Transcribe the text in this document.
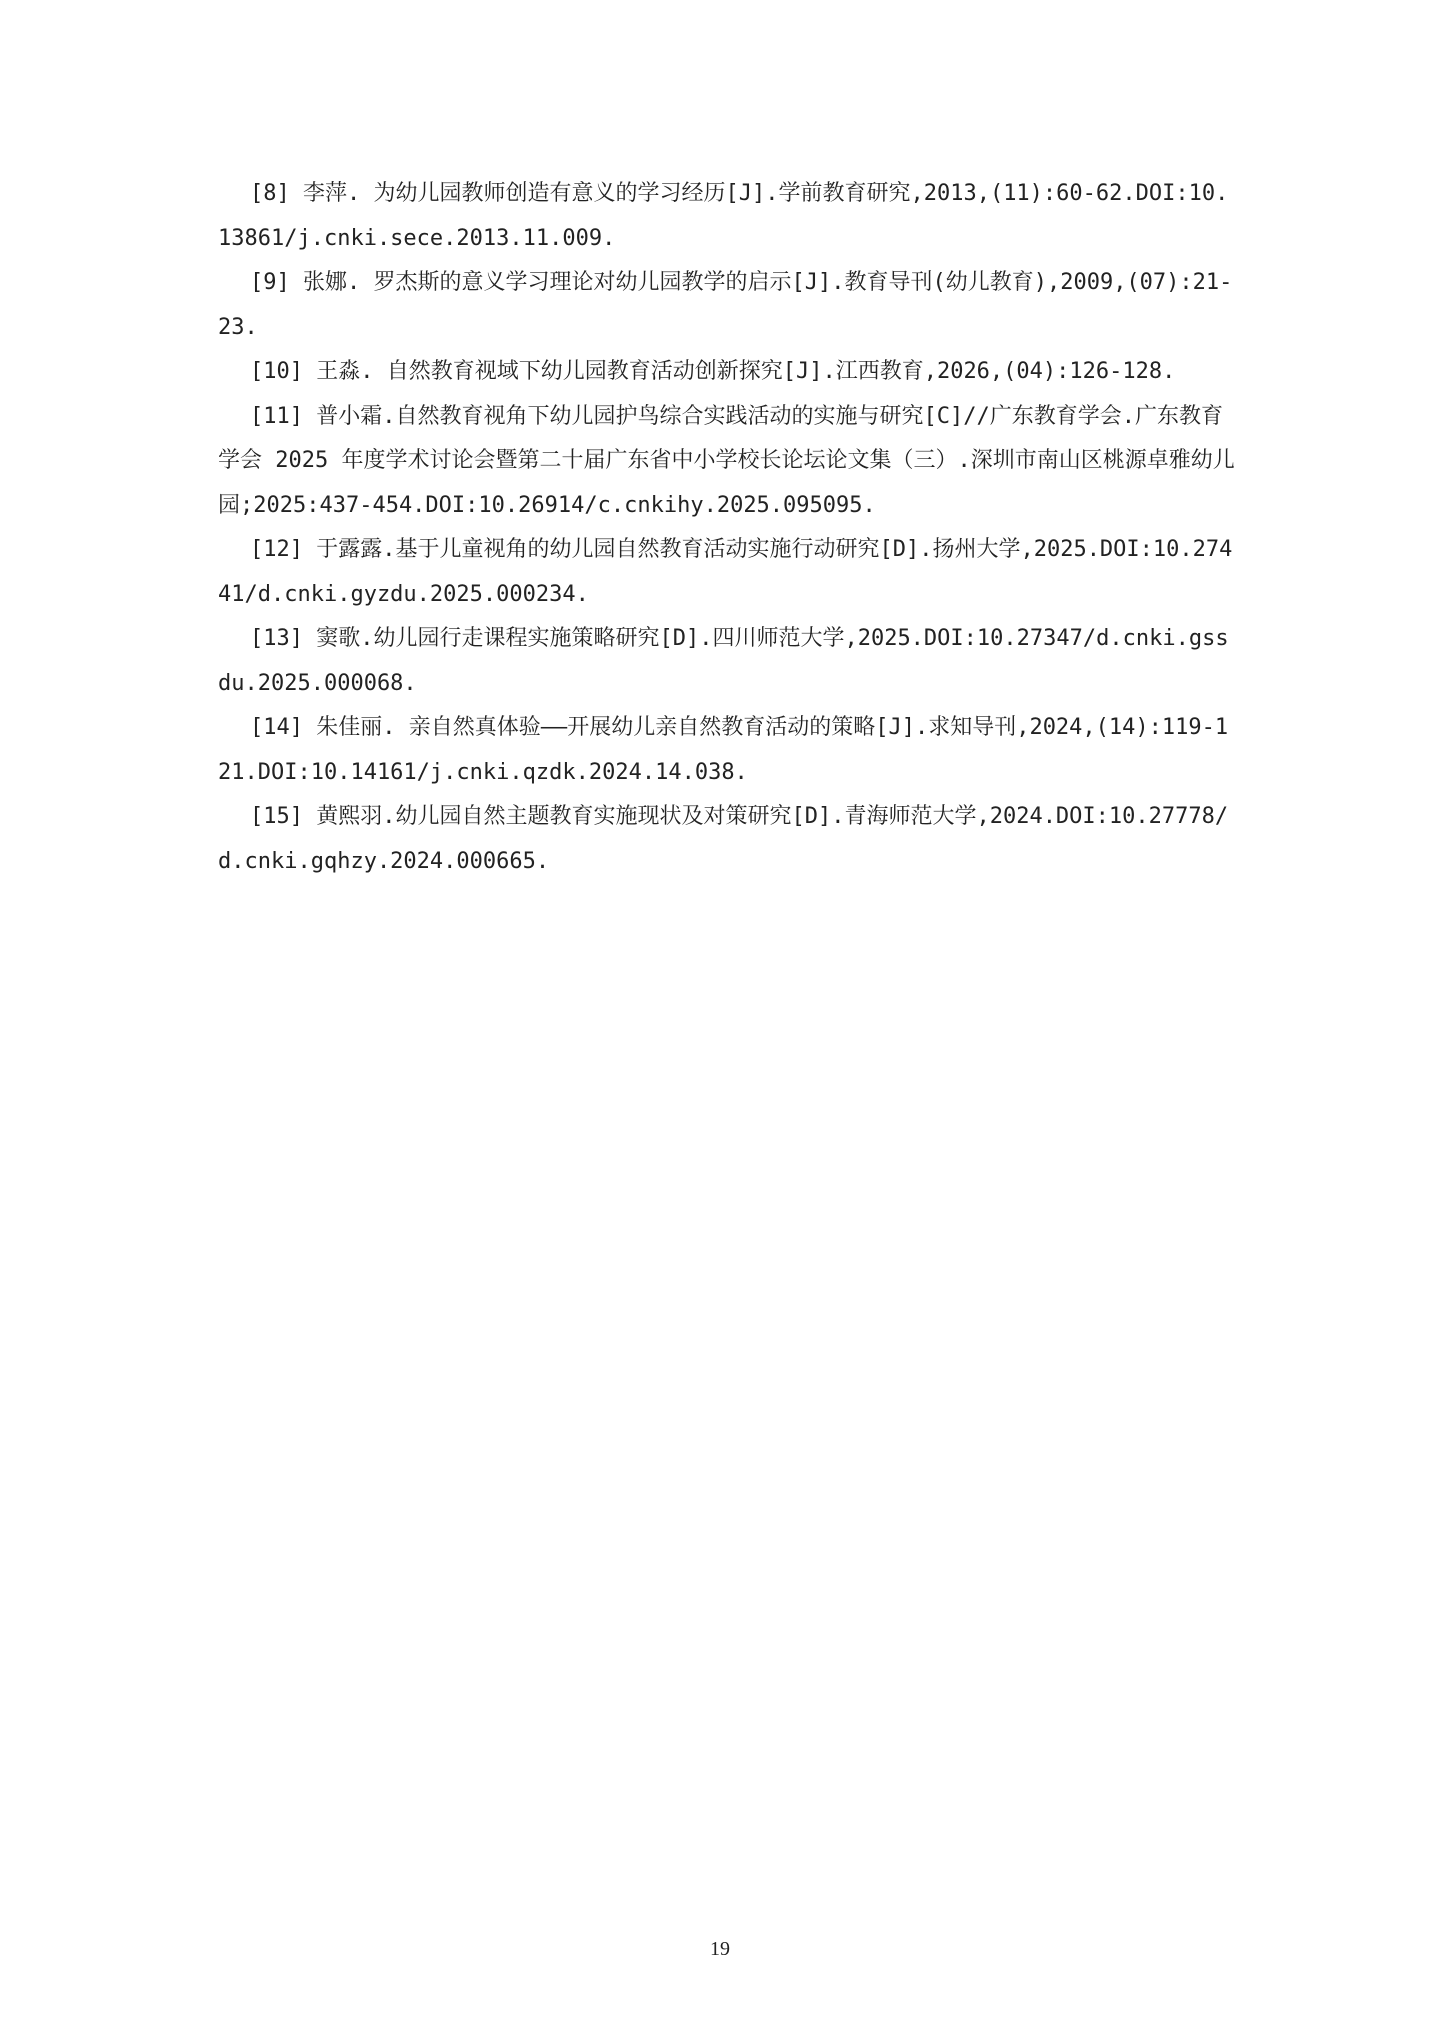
[8] 李萍. 为幼儿园教师创造有意义的学习经历[J].学前教育研究,2013,(11):60-62.DOI:10.13861/j.cnki.sece.2013.11.009.

[9] 张娜. 罗杰斯的意义学习理论对幼儿园教学的启示[J].教育导刊(幼儿教育),2009,(07):21-23.

[10] 王淼. 自然教育视域下幼儿园教育活动创新探究[J].江西教育,2026,(04):126-128.

[11] 普小霜.自然教育视角下幼儿园护鸟综合实践活动的实施与研究[C]//广东教育学会.广东教育学会 2025 年度学术讨论会暨第二十届广东省中小学校长论坛论文集（三）.深圳市南山区桃源卓雅幼儿园;2025:437-454.DOI:10.26914/c.cnkihy.2025.095095.

[12] 于露露.基于儿童视角的幼儿园自然教育活动实施行动研究[D].扬州大学,2025.DOI:10.27441/d.cnki.gyzdu.2025.000234.

[13] 窦歌.幼儿园行走课程实施策略研究[D].四川师范大学,2025.DOI:10.27347/d.cnki.gssdu.2025.000068.

[14] 朱佳丽. 亲自然真体验——开展幼儿亲自然教育活动的策略[J].求知导刊,2024,(14):119-121.DOI:10.14161/j.cnki.qzdk.2024.14.038.

[15] 黄熙羽.幼儿园自然主题教育实施现状及对策研究[D].青海师范大学,2024.DOI:10.27778/d.cnki.gqhzy.2024.000665.

19
